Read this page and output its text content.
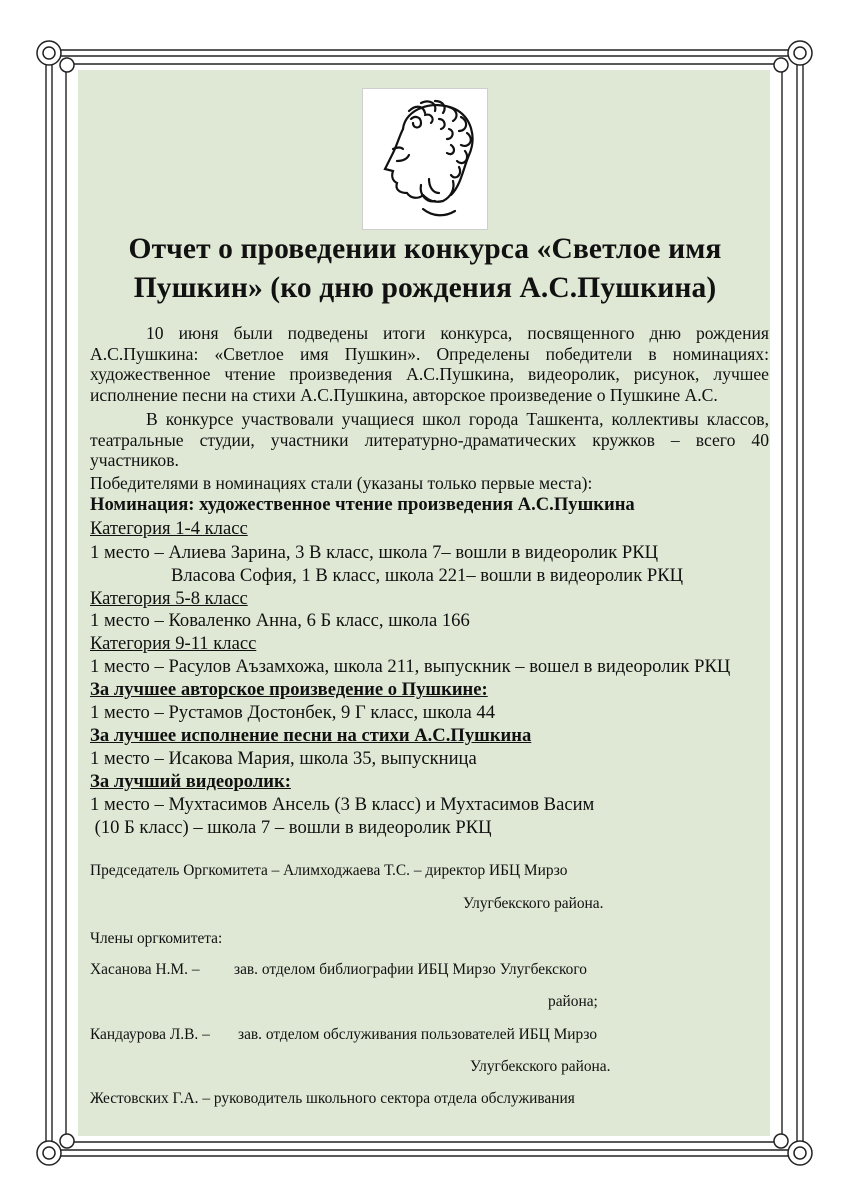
Отчет о проведении конкурса «Светлое имя
Пушкин» (ко дню рождения А.С.Пушкина)

10 июня были подведены итоги конкурса, посвященного дню рождения А.С.Пушкина: «Светлое имя Пушкин». Определены победители в номинациях: художественное чтение произведения А.С.Пушкина, видеоролик, рисунок, лучшее исполнение песни на стихи А.С.Пушкина, авторское произведение о Пушкине А.С.

В конкурсе участвовали учащиеся школ города Ташкента, коллективы классов, театральные студии, участники литературно-драматических кружков – всего 40 участников.

Победителями в номинациях стали (указаны только первые места):

Номинация: художественное чтение произведения А.С.Пушкина

Категория 1-4 класс

1 место – Алиева Зарина, 3 В класс, школа 7– вошли в видеоролик РКЦ

Власова София, 1 В класс, школа 221– вошли в видеоролик РКЦ

Категория 5-8 класс

1 место – Коваленко Анна, 6 Б класс, школа 166

Категория 9-11 класс

1 место – Расулов Аъзамхожа, школа 211, выпускник – вошел в видеоролик РКЦ

За лучшее авторское произведение о Пушкине:

1 место – Рустамов Достонбек, 9 Г класс, школа 44

За лучшее исполнение песни на стихи А.С.Пушкина

1 место – Исакова Мария, школа 35, выпускница

За лучший видеоролик:

1 место – Мухтасимов Ансель (3 В класс) и Мухтасимов Васим

(10 Б класс) – школа 7 – вошли в видеоролик РКЦ

Председатель Оргкомитета – Алимходжаева Т.С. – директор ИБЦ Мирзо

Улугбекского района.

Члены оргкомитета:

Хасанова Н.М. – зав. отделом библиографии ИБЦ Мирзо Улугбекского

района;

Кандаурова Л.В. – зав. отделом обслуживания пользователей ИБЦ Мирзо

Улугбекского района.

Жестовских Г.А. – руководитель школьного сектора отдела обслуживания
